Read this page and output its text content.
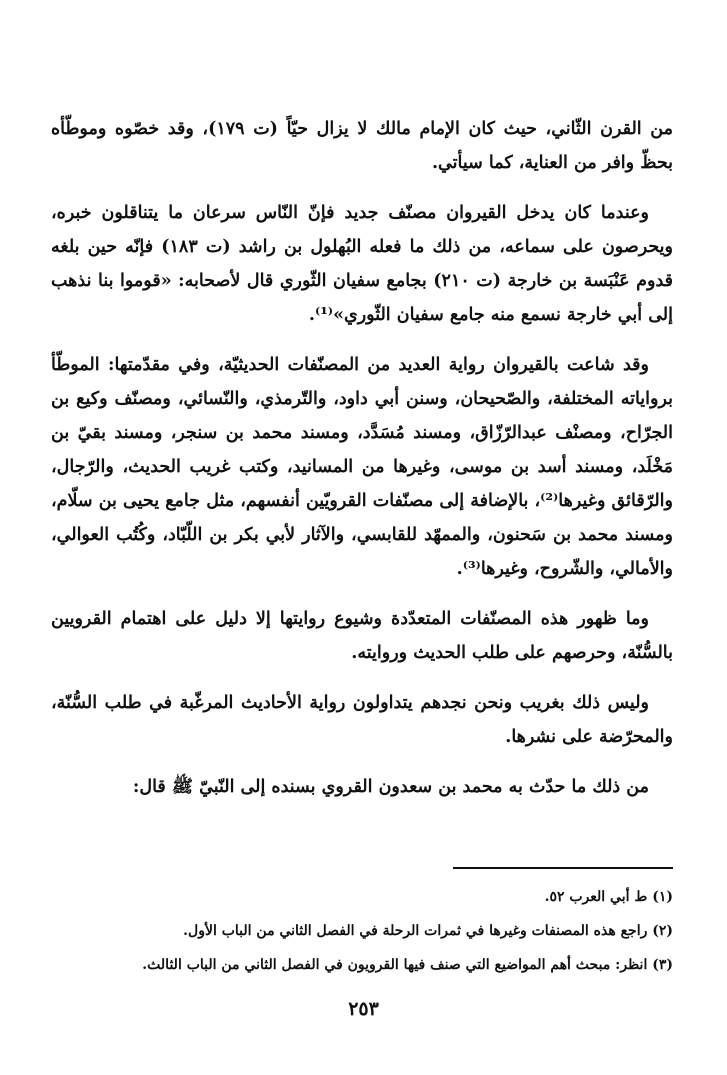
من القرن الثّاني، حيث كان الإمام مالك لا يزال حيّاً (ت ١٧٩)، وقد خصّوه وموطّأه بحظّ وافر من العناية، كما سيأتي.

وعندما كان يدخل القيروان مصنّف جديد فإنّ النّاس سرعان ما يتناقلون خبره، ويحرصون على سماعه، من ذلك ما فعله البُهلول بن راشد (ت ١٨٣) فإنّه حين بلغه قدوم عَنْبَسة بن خارجة (ت ٢١٠) بجامع سفيان الثّوري قال لأصحابه: «قوموا بنا نذهب إلى أبي خارجة نسمع منه جامع سفيان الثّوري»⁽¹⁾.

وقد شاعت بالقيروان رواية العديد من المصنّفات الحديثيّة، وفي مقدّمتها: الموطّأ برواياته المختلفة، والصّحيحان، وسنن أبي داود، والتّرمذي، والنّسائي، ومصنّف وكيع بن الجرّاح، ومصنْف عبدالرّزّاق، ومسند مُسَدَّد، ومسند محمد بن سنجر، ومسند بقيّ بن مَخْلَد، ومسند أسد بن موسى، وغيرها من المسانيد، وكتب غريب الحديث، والرّجال، والرّقائق وغيرها⁽²⁾، بالإضافة إلى مصنّفات القرويّين أنفسهم، مثل جامع يحيى بن سلّام، ومسند محمد بن سَحنون، والممهّد للقابسي، والآثار لأبي بكر بن اللّبّاد، وكُتُب العوالي، والأمالي، والشّروح، وغيرها⁽³⁾.

وما ظهور هذه المصنّفات المتعدّدة وشيوع روايتها إلا دليل على اهتمام القرويين بالسُّنّة، وحرصهم على طلب الحديث وروايته.

وليس ذلك بغريب ونحن نجدهم يتداولون رواية الأحاديث المرغّبة في طلب السُّنّة، والمحرّضة على نشرها.

من ذلك ما حدّث به محمد بن سعدون القروي بسنده إلى النّبيّ ﷺ قال:

(١) ط أبي العرب ٥٢.
(٢) راجع هذه المصنفات وغيرها في ثمرات الرحلة في الفصل الثاني من الباب الأول.
(٣) انظر: مبحث أهم المواضيع التي صنف فيها القرويون في الفصل الثاني من الباب الثالث.
٢٥٣
